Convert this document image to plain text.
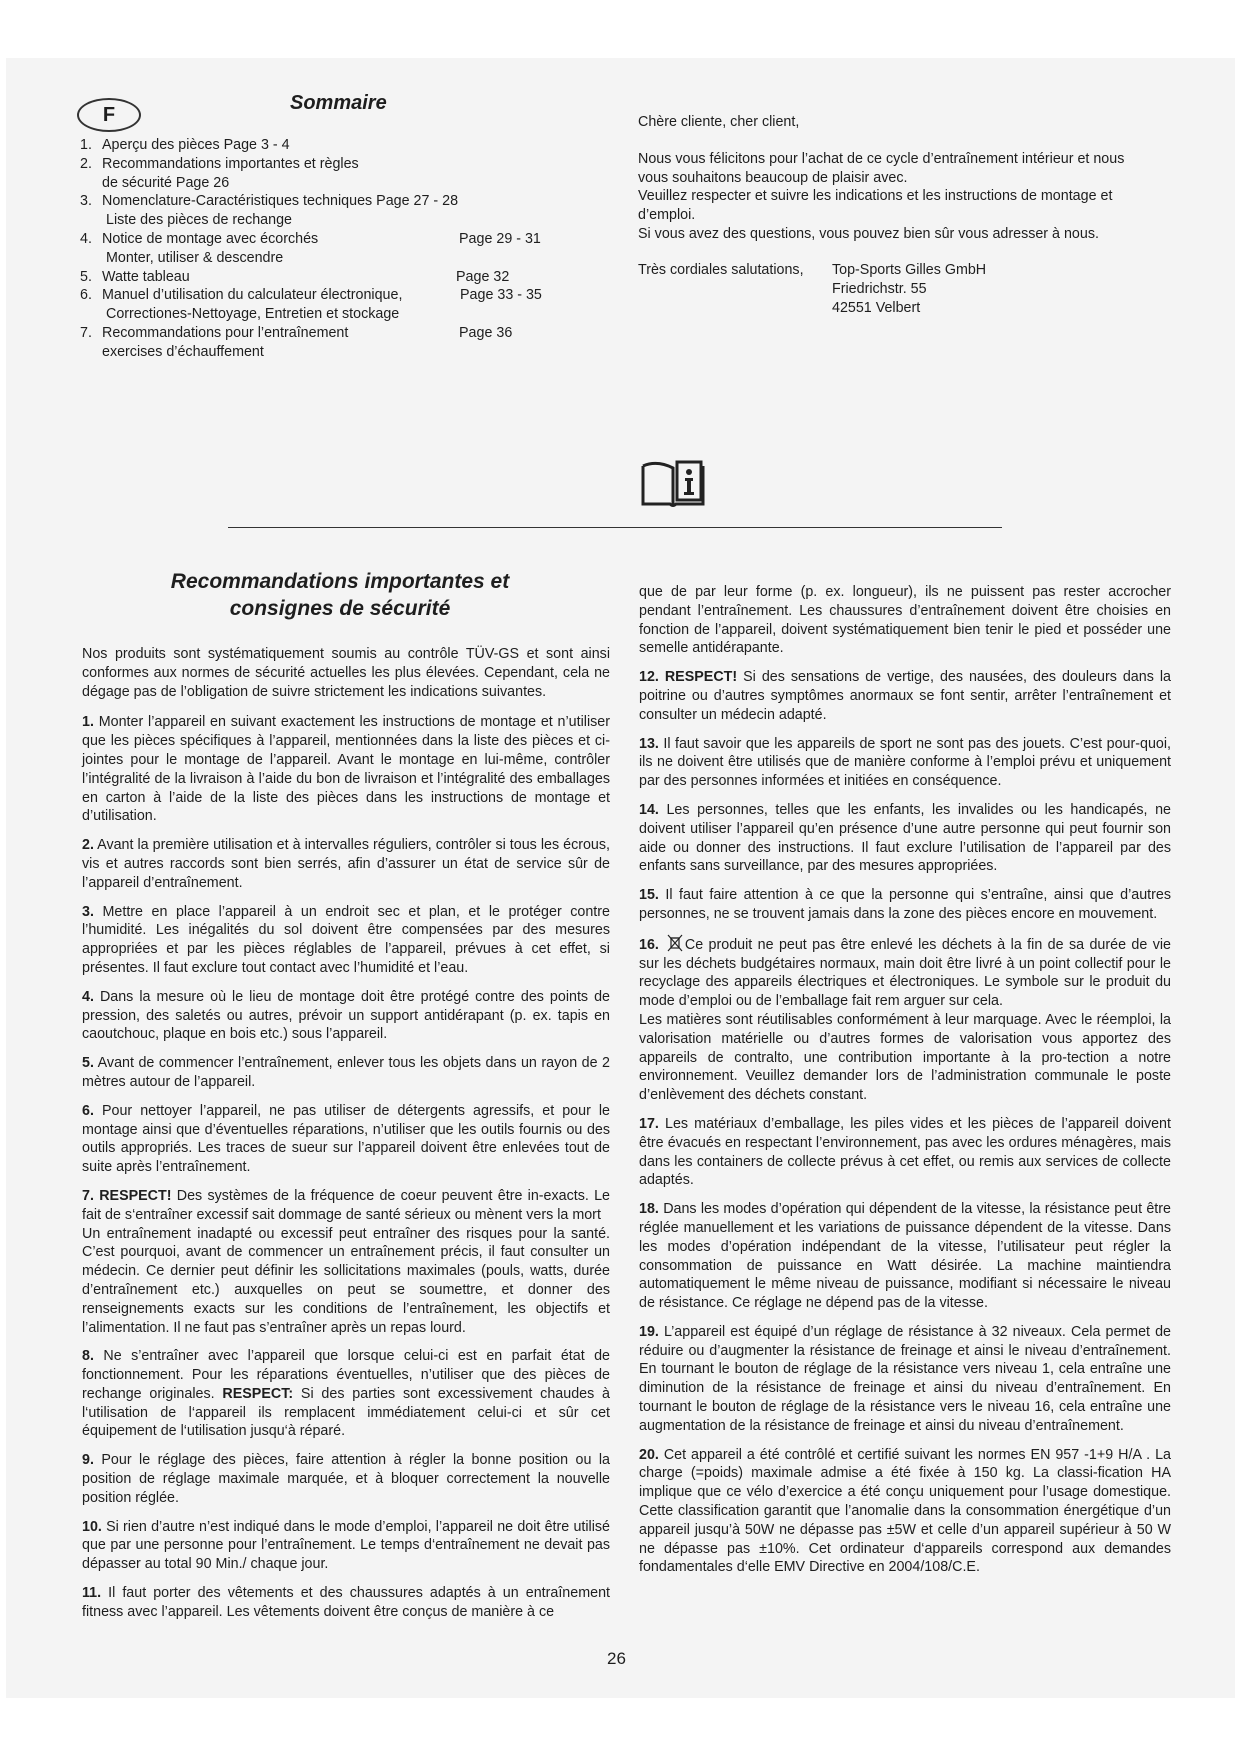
F
Sommaire
1. Aperçu des pièces Page 3 - 4
2. Recommandations importantes et règles
de sécurité Page 26
3. Nomenclature-Caractéristiques techniques Page 27 - 28
Liste des pièces de rechange
4. Notice de montage avec écorchés	Page 29 - 31
Monter, utiliser & descendre
5. Watte tableau	Page 32
6. Manuel d’utilisation du calculateur électronique,	Page 33 - 35
Correctiones-Nettoyage, Entretien et stockage
7. Recommandations pour l’entraînement	Page 36
exercises d’échauffement

Chère cliente, cher client,

Nous vous félicitons pour l’achat de ce cycle d’entraînement intérieur et nous vous souhaitons beaucoup de plaisir avec.

Veuillez respecter et suivre les indications et les instructions de montage et d’emploi.

Si vous avez des questions, vous pouvez bien sûr vous adresser à nous.

Très cordiales salutations, Top-Sports Gilles GmbH
Friedrichstr. 55
42551 Velbert
Recommandations importantes et
consignes de sécurité

Nos produits sont systématiquement soumis au contrôle TÜV-GS et sont ainsi conformes aux normes de sécurité actuelles les plus élevées. Cependant, cela ne dégage pas de l’obligation de suivre strictement les indications suivantes.

1. Monter l’appareil en suivant exactement les instructions de montage et n’utiliser que les pièces spécifiques à l’appareil, mentionnées dans la liste des pièces et ci-jointes pour le montage de l’appareil. Avant le montage en lui-même, contrôler l’intégralité de la livraison à l’aide du bon de livraison et l’intégralité des emballages en carton à l’aide de la liste des pièces dans les instructions de montage et d’utilisation.

2. Avant la première utilisation et à intervalles réguliers, contrôler si tous les écrous, vis et autres raccords sont bien serrés, afin d’assurer un état de service sûr de l’appareil d’entraînement.

3. Mettre en place l’appareil à un endroit sec et plan, et le protéger contre l’humidité. Les inégalités du sol doivent être compensées par des mesures appropriées et par les pièces réglables de l’appareil, prévues à cet effet, si présentes. Il faut exclure tout contact avec l’humidité et l’eau.

4. Dans la mesure où le lieu de montage doit être protégé contre des points de pression, des saletés ou autres, prévoir un support antidérapant (p. ex. tapis en caoutchouc, plaque en bois etc.) sous l’appareil.

5. Avant de commencer l’entraînement, enlever tous les objets dans un rayon de 2 mètres autour de l’appareil.

6. Pour nettoyer l’appareil, ne pas utiliser de détergents agressifs, et pour le montage ainsi que d’éventuelles réparations, n’utiliser que les outils fournis ou des outils appropriés. Les traces de sueur sur l’appareil doivent être enlevées tout de suite après l’entraînement.

7. RESPECT! Des systèmes de la fréquence de coeur peuvent être in-exacts. Le fait de s‘entraîner excessif sait dommage de santé sérieux ou mènent vers la mort

Un entraînement inadapté ou excessif peut entraîner des risques pour la santé. C’est pourquoi, avant de commencer un entraînement précis, il faut consulter un médecin. Ce dernier peut définir les sollicitations maximales (pouls, watts, durée d’entraînement etc.) auxquelles on peut se soumettre, et donner des renseignements exacts sur les conditions de l’entraînement, les objectifs et l’alimentation. Il ne faut pas s’entraîner après un repas lourd.

8. Ne s’entraîner avec l’appareil que lorsque celui-ci est en parfait état de fonctionnement. Pour les réparations éventuelles, n’utiliser que des pièces de rechange originales. RESPECT: Si des parties sont excessivement chaudes à l‘utilisation de l‘appareil ils remplacent immédiatement celui-ci et sûr cet équipement de l‘utilisation jusqu‘à réparé.

9. Pour le réglage des pièces, faire attention à régler la bonne position ou la position de réglage maximale marquée, et à bloquer correctement la nouvelle position réglée.

10. Si rien d’autre n’est indiqué dans le mode d’emploi, l’appareil ne doit être utilisé que par une personne pour l’entraînement. Le temps d‘entraînement ne devait pas dépasser au total 90 Min./ chaque jour.

11. Il faut porter des vêtements et des chaussures adaptés à un entraînement fitness avec l’appareil. Les vêtements doivent être conçus de manière à ce

que de par leur forme (p. ex. longueur), ils ne puissent pas rester accrocher pendant l’entraînement. Les chaussures d’entraînement doivent être choisies en fonction de l’appareil, doivent systématiquement bien tenir le pied et posséder une semelle antidérapante.

12. RESPECT! Si des sensations de vertige, des nausées, des douleurs dans la poitrine ou d’autres symptômes anormaux se font sentir, arrêter l’entraînement et consulter un médecin adapté.

13. Il faut savoir que les appareils de sport ne sont pas des jouets. C’est pour-quoi, ils ne doivent être utilisés que de manière conforme à l’emploi prévu et uniquement par des personnes informées et initiées en conséquence.

14. Les personnes, telles que les enfants, les invalides ou les handicapés, ne doivent utiliser l’appareil qu’en présence d’une autre personne qui peut fournir son aide ou donner des instructions. Il faut exclure l’utilisation de l’appareil par des enfants sans surveillance, par des mesures appropriées.

15. Il faut faire attention à ce que la personne qui s’entraîne, ainsi que d’autres personnes, ne se trouvent jamais dans la zone des pièces encore en mouvement.

16. Ce produit ne peut pas être enlevé les déchets à la fin de sa durée de vie sur les déchets budgétaires normaux, main doit être livré à un point collectif pour le recyclage des appareils électriques et électroniques. Le symbole sur le produit du mode d’emploi ou de l’emballage fait rem arguer sur cela.

Les matières sont réutilisables conformément à leur marquage. Avec le réemploi, la valorisation matérielle ou d’autres formes de valorisation vous apportez des appareils de contralto, une contribution importante à la pro-tection a notre environnement. Veuillez demander lors de l’administration communale le poste d’enlèvement des déchets constant.

17. Les matériaux d’emballage, les piles vides et les pièces de l’appareil doivent être évacués en respectant l’environnement, pas avec les ordures ménagères, mais dans les containers de collecte prévus à cet effet, ou remis aux services de collecte adaptés.

18. Dans les modes d’opération qui dépendent de la vitesse, la résistance peut être réglée manuellement et les variations de puissance dépendent de la vitesse. Dans les modes d’opération indépendant de la vitesse, l’utilisateur peut régler la consommation de puissance en Watt désirée. La machine maintiendra automatiquement le même niveau de puissance, modifiant si nécessaire le niveau de résistance. Ce réglage ne dépend pas de la vitesse.

19. L’appareil est équipé d’un réglage de résistance à 32 niveaux. Cela permet de réduire ou d’augmenter la résistance de freinage et ainsi le niveau d’entraînement. En tournant le bouton de réglage de la résistance vers niveau 1, cela entraîne une diminution de la résistance de freinage et ainsi du niveau d’entraînement. En tournant le bouton de réglage de la résistance vers le niveau 16, cela entraîne une augmentation de la résistance de freinage et ainsi du niveau d’entraînement.

20. Cet appareil a été contrôlé et certifié suivant les normes EN 957 -1+9 H/A . La charge (=poids) maximale admise a été fixée à 150 kg. La classi-fication HA implique que ce vélo d’exercice a été conçu uniquement pour l’usage domestique. Cette classification garantit que l’anomalie dans la consommation énergétique d’un appareil jusqu’à 50W ne dépasse pas ±5W et celle d’un appareil supérieur à 50 W ne dépasse pas ±10%. Cet ordinateur d‘appareils correspond aux demandes fondamentales d‘elle EMV Directive en 2004/108/C.E.

26
